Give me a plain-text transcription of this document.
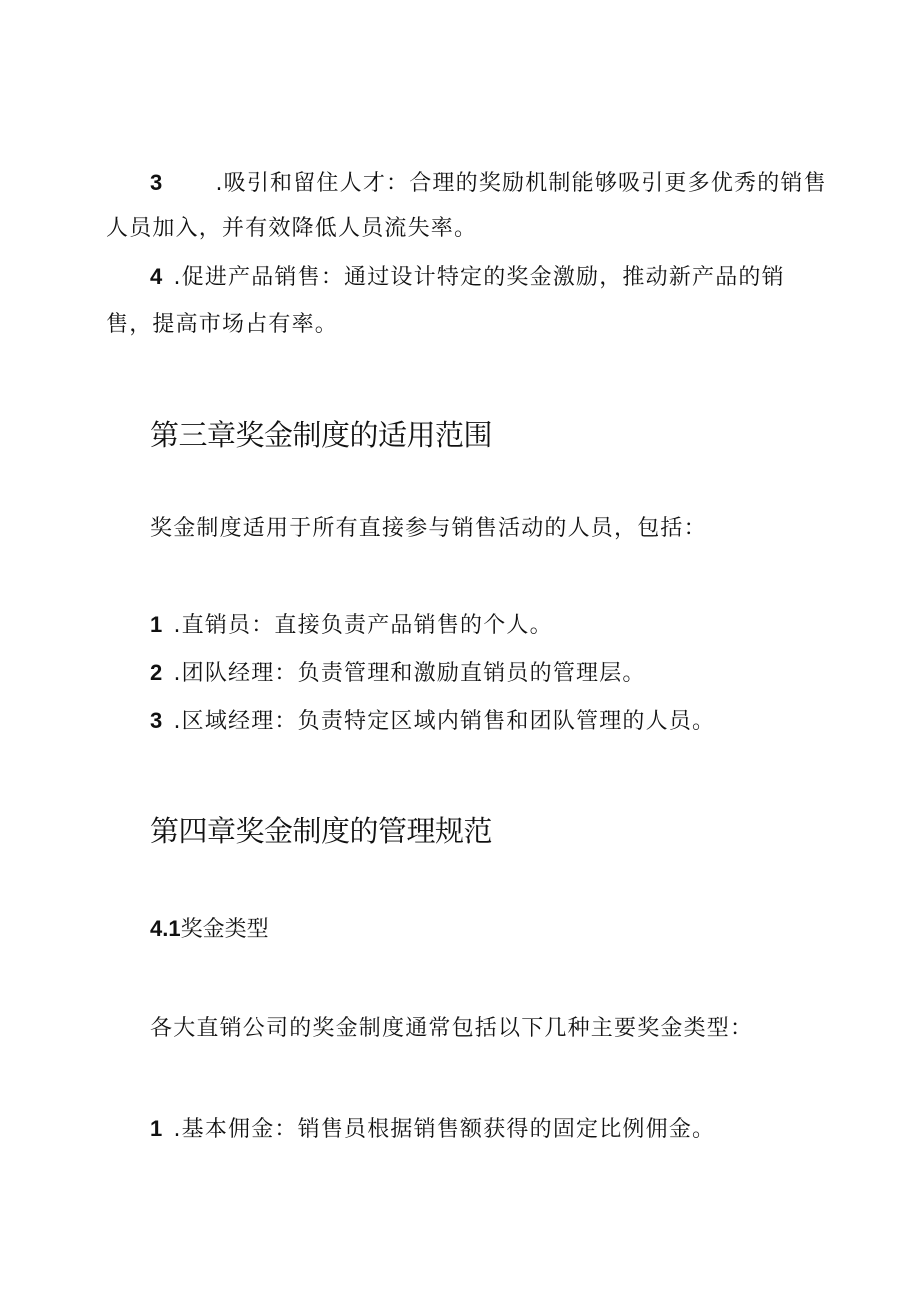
3 .吸引和留住人才：合理的奖励机制能够吸引更多优秀的销售
人员加入，并有效降低人员流失率。
4 .促进产品销售：通过设计特定的奖金激励，推动新产品的销
售，提高市场占有率。
第三章奖金制度的适用范围
奖金制度适用于所有直接参与销售活动的人员，包括：
1 .直销员：直接负责产品销售的个人。
2 .团队经理：负责管理和激励直销员的管理层。
3 .区域经理：负责特定区域内销售和团队管理的人员。
第四章奖金制度的管理规范
4.1奖金类型
各大直销公司的奖金制度通常包括以下几种主要奖金类型：
1 .基本佣金：销售员根据销售额获得的固定比例佣金。
